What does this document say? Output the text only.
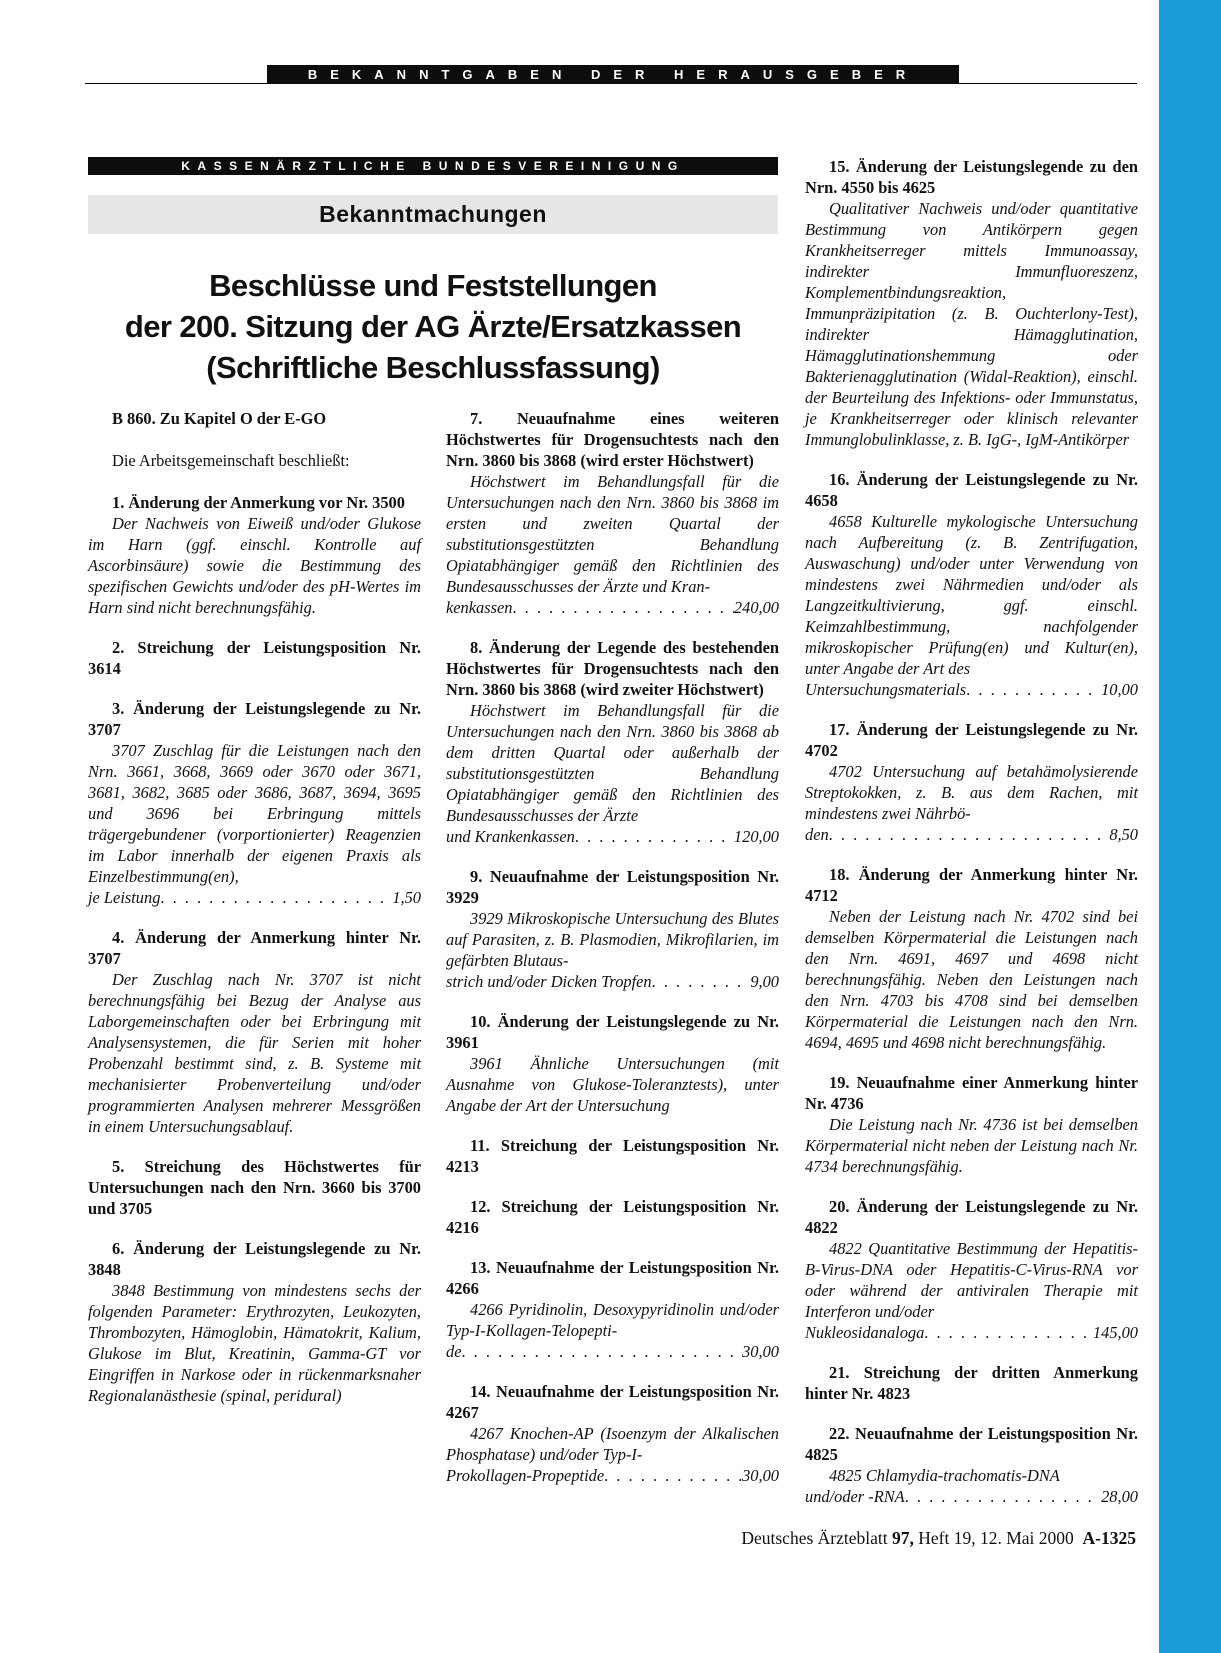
BEKANNTGABEN DER HERAUSGEBER
KASSENÄRZTLICHE BUNDESVEREINIGUNG
Bekanntmachungen
Beschlüsse und Feststellungen
der 200. Sitzung der AG Ärzte/Ersatzkassen
(Schriftliche Beschlussfassung)

B 860. Zu Kapitel O der E-GO

Die Arbeitsgemeinschaft beschließt:

1. Änderung der Anmerkung vor Nr. 3500

Der Nachweis von Eiweiß und/oder Glukose im Harn (ggf. einschl. Kontrolle auf Ascorbinsäure) sowie die Bestimmung des spezifischen Gewichts und/oder des pH-Wertes im Harn sind nicht berechnungsfähig.

2. Streichung der Leistungsposition Nr. 3614

3. Änderung der Leistungslegende zu Nr. 3707

3707 Zuschlag für die Leistungen nach den Nrn. 3661, 3668, 3669 oder 3670 oder 3671, 3681, 3682, 3685 oder 3686, 3687, 3694, 3695 und 3696 bei Erbringung mittels trägergebundener (vorportionierter) Reagenzien im Labor innerhalb der eigenen Praxis als Einzelbestimmung(en),
je Leistung . . .	1,50

4. Änderung der Anmerkung hinter Nr. 3707

Der Zuschlag nach Nr. 3707 ist nicht berechnungsfähig bei Bezug der Analyse aus Laborgemeinschaften oder bei Erbringung mit Analysensystemen, die für Serien mit hoher Probenzahl bestimmt sind, z. B. Systeme mit mechanisierter Probenverteilung und/oder programmierten Analysen mehrerer Messgrößen in einem Untersuchungsablauf.

5. Streichung des Höchstwertes für Untersuchungen nach den Nrn. 3660 bis 3700 und 3705

6. Änderung der Leistungslegende zu Nr. 3848

3848 Bestimmung von mindestens sechs der folgenden Parameter: Erythrozyten, Leukozyten, Thrombozyten, Hämoglobin, Hämatokrit, Kalium, Glukose im Blut, Kreatinin, Gamma-GT vor Eingriffen in Narkose oder in rückenmarksnaher Regionalanästhesie (spinal, peridural)

7. Neuaufnahme eines weiteren Höchstwertes für Drogensuchtests nach den Nrn. 3860 bis 3868 (wird erster Höchstwert)

Höchstwert im Behandlungsfall für die Untersuchungen nach den Nrn. 3860 bis 3868 im ersten und zweiten Quartal der substitutionsgestützten Behandlung Opiatabhängiger gemäß den Richtlinien des Bundesausschusses der Ärzte und Kran-
kenkassen . . .	240,00

8. Änderung der Legende des bestehenden Höchstwertes für Drogensuchtests nach den Nrn. 3860 bis 3868 (wird zweiter Höchstwert)

Höchstwert im Behandlungsfall für die Untersuchungen nach den Nrn. 3860 bis 3868 ab dem dritten Quartal oder außerhalb der substitutionsgestützten Behandlung Opiatabhängiger gemäß den Richtlinien des Bundesausschusses der Ärzte
und Krankenkassen . . .	120,00

9. Neuaufnahme der Leistungsposition Nr. 3929

3929 Mikroskopische Untersuchung des Blutes auf Parasiten, z. B. Plasmodien, Mikrofilarien, im gefärbten Blutaus-
strich und/oder Dicken Tropfen . . .	9,00

10. Änderung der Leistungslegende zu Nr. 3961

3961 Ähnliche Untersuchungen (mit Ausnahme von Glukose-Toleranztests), unter Angabe der Art der Untersuchung

11. Streichung der Leistungsposition Nr. 4213

12. Streichung der Leistungsposition Nr. 4216

13. Neuaufnahme der Leistungsposition Nr. 4266

4266 Pyridinolin, Desoxypyridinolin und/oder Typ-I-Kollagen-Telopepti-
de . . .	30,00

14. Neuaufnahme der Leistungsposition Nr. 4267

4267 Knochen-AP (Isoenzym der Alkalischen Phosphatase) und/oder Typ-I-
Prokollagen-Propeptide . . .	30,00

15. Änderung der Leistungslegende zu den Nrn. 4550 bis 4625

Qualitativer Nachweis und/oder quantitative Bestimmung von Antikörpern gegen Krankheitserreger mittels Immunoassay, indirekter Immunfluoreszenz, Komplementbindungsreaktion, Immunpräzipitation (z. B. Ouchterlony-Test), indirekter Hämagglutination, Hämagglutinationshemmung oder Bakterienagglutination (Widal-Reaktion), einschl. der Beurteilung des Infektions- oder Immunstatus, je Krankheitserreger oder klinisch relevanter Immunglobulinklasse, z. B. IgG-, IgM-Antikörper

16. Änderung der Leistungslegende zu Nr. 4658

4658 Kulturelle mykologische Untersuchung nach Aufbereitung (z. B. Zentrifugation, Auswaschung) und/oder unter Verwendung von mindestens zwei Nährmedien und/oder als Langzeitkultivierung, ggf. einschl. Keimzahlbestimmung, nachfolgender mikroskopischer Prüfung(en) und Kultur(en), unter Angabe der Art des
Untersuchungsmaterials . . .	10,00

17. Änderung der Leistungslegende zu Nr. 4702

4702 Untersuchung auf betahämolysierende Streptokokken, z. B. aus dem Rachen, mit mindestens zwei Nährbö-
den . . .	8,50

18. Änderung der Anmerkung hinter Nr. 4712

Neben der Leistung nach Nr. 4702 sind bei demselben Körpermaterial die Leistungen nach den Nrn. 4691, 4697 und 4698 nicht berechnungsfähig. Neben den Leistungen nach den Nrn. 4703 bis 4708 sind bei demselben Körpermaterial die Leistungen nach den Nrn. 4694, 4695 und 4698 nicht berechnungsfähig.

19. Neuaufnahme einer Anmerkung hinter Nr. 4736

Die Leistung nach Nr. 4736 ist bei demselben Körpermaterial nicht neben der Leistung nach Nr. 4734 berechnungsfähig.

20. Änderung der Leistungslegende zu Nr. 4822

4822 Quantitative Bestimmung der Hepatitis-B-Virus-DNA oder Hepatitis-C-Virus-RNA vor oder während der antiviralen Therapie mit Interferon und/oder
Nukleosidanaloga . . .	145,00

21. Streichung der dritten Anmerkung hinter Nr. 4823

22. Neuaufnahme der Leistungsposition Nr. 4825

4825 Chlamydia-trachomatis-DNA
und/oder -RNA . . .	28,00

Deutsches Ärzteblatt 97, Heft 19, 12. Mai 2000 A-1325
